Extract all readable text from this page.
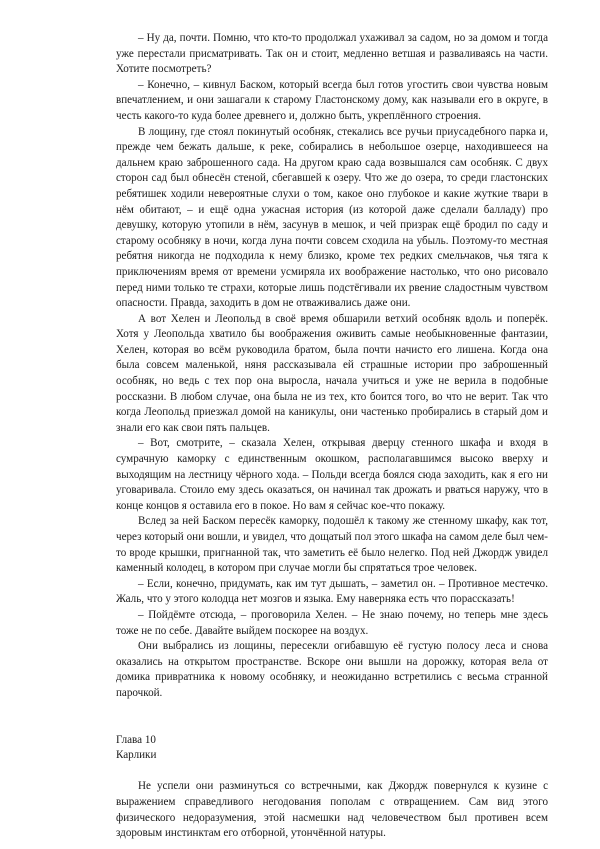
– Ну да, почти. Помню, что кто-то продолжал ухаживал за садом, но за домом и тогда уже перестали присматривать. Так он и стоит, медленно ветшая и разваливаясь на части. Хотите посмотреть?

– Конечно, – кивнул Баском, который всегда был готов угостить свои чувства новым впечатлением, и они зашагали к старому Гластонскому дому, как называли его в округе, в честь какого-то куда более древнего и, должно быть, укреплённого строения.

В лощину, где стоял покинутый особняк, стекались все ручьи приусадебного парка и, прежде чем бежать дальше, к реке, собирались в небольшое озерце, находившееся на дальнем краю заброшенного сада. На другом краю сада возвышался сам особняк. С двух сторон сад был обнесён стеной, сбегавшей к озеру. Что же до озера, то среди гластонских ребятишек ходили невероятные слухи о том, какое оно глубокое и какие жуткие твари в нём обитают, – и ещё одна ужасная история (из которой даже сделали балладу) про девушку, которую утопили в нём, засунув в мешок, и чей призрак ещё бродил по саду и старому особняку в ночи, когда луна почти совсем сходила на убыль. Поэтому-то местная ребятня никогда не подходила к нему близко, кроме тех редких смельчаков, чья тяга к приключениям время от времени усмиряла их воображение настолько, что оно рисовало перед ними только те страхи, которые лишь подстёгивали их рвение сладостным чувством опасности. Правда, заходить в дом не отваживались даже они.

А вот Хелен и Леопольд в своё время обшарили ветхий особняк вдоль и поперёк. Хотя у Леопольда хватило бы воображения оживить самые необыкновенные фантазии, Хелен, которая во всём руководила братом, была почти начисто его лишена. Когда она была совсем маленькой, няня рассказывала ей страшные истории про заброшенный особняк, но ведь с тех пор она выросла, начала учиться и уже не верила в подобные россказни. В любом случае, она была не из тех, кто боится того, во что не верит. Так что когда Леопольд приезжал домой на каникулы, они частенько пробирались в старый дом и знали его как свои пять пальцев.

– Вот, смотрите, – сказала Хелен, открывая дверцу стенного шкафа и входя в сумрачную каморку с единственным окошком, располагавшимся высоко вверху и выходящим на лестницу чёрного хода. – Польди всегда боялся сюда заходить, как я его ни уговаривала. Стоило ему здесь оказаться, он начинал так дрожать и рваться наружу, что в конце концов я оставила его в покое. Но вам я сейчас кое-что покажу.

Вслед за ней Баском пересёк каморку, подошёл к такому же стенному шкафу, как тот, через который они вошли, и увидел, что дощатый пол этого шкафа на самом деле был чем-то вроде крышки, пригнанной так, что заметить её было нелегко. Под ней Джордж увидел каменный колодец, в котором при случае могли бы спрятаться трое человек.

– Если, конечно, придумать, как им тут дышать, – заметил он. – Противное местечко. Жаль, что у этого колодца нет мозгов и языка. Ему наверняка есть что порассказать!

– Пойдёмте отсюда, – проговорила Хелен. – Не знаю почему, но теперь мне здесь тоже не по себе. Давайте выйдем поскорее на воздух.

Они выбрались из лощины, пересекли огибавшую её густую полосу леса и снова оказались на открытом пространстве. Вскоре они вышли на дорожку, которая вела от домика привратника к новому особняку, и неожиданно встретились с весьма странной парочкой.

Глава 10

Карлики

Не успели они разминуться со встречными, как Джордж повернулся к кузине с выражением справедливого негодования пополам с отвращением. Сам вид этого физического недоразумения, этой насмешки над человечеством был противен всем здоровым инстинктам его отборной, утончённой натуры.
